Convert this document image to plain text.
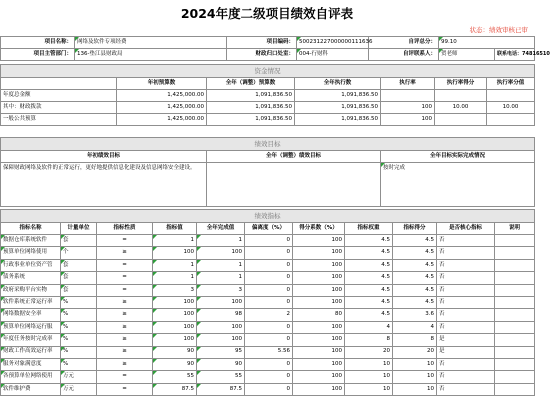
2024年度二级项目绩效自评表
状态：绩效审核已审
项目名称：	网络及软件专项经费	项目编码：	500231227000000111636	自评总分：	99.10	
项目主管部门：	136-垫江县财政局	财政归口处室：	004-行财科	自评联系人：	贺老师	联系电话：74816510
资金情况						
	年初预算数	全年（调整）预算数	全年执行数	执行率	执行率得分	执行率分值
年度总金额	1,425,000.00	1,091,836.50	1,091,836.50			
其中：财政拨款	1,425,000.00	1,091,836.50	1,091,836.50	100	10.00	10.00
一般公共预算	1,425,000.00	1,091,836.50	1,091,836.50	100		
绩效目标		
年初绩效目标	全年（调整）绩效目标	全年目标实际完成情况
保障财政网络及软件的正常运行，更好地提供信息化建设及信息网络安全建设。		按时完成
绩效指标										
指标名称	计量单位	指标性质	指标值	全年完成值	偏离度（%）	得分系数（%）	指标权重	指标得分	是否核心指标	说明
数据仓库系统软件	套	=	1	1	0	100	4.5	4.5	否	
预算单位网络使用	个	≥	100	100	0	100	4.5	4.5	否	
行政事业单位资产管	套	=	1	1	0	100	4.5	4.5	否	
债务系统	套	=	1	1	0	100	4.5	4.5	否	
政府采购平台实物	套	=	3	3	0	100	4.5	4.5	否	
软件系统正常运行率	%	≥	100	100	0	100	4.5	4.5	否	
网络数据安全率	%	≥	100	98	2	80	4.5	3.6	否	
预算单位网络运行服	%	≥	100	100	0	100	4	4	否	
年度任务按时完成率	%	≥	100	100	0	100	8	8	是	
财政工作高效运行率	%	≥	90	95	5.56	100	20	20	是	
服务对象满意度	%	≥	90	90	0	100	10	10	否	
各预算单位网络使用	万元	=	55	55	0	100	10	10	否	
软件维护费	万元	=	87.5	87.5	0	100	10	10	否	
